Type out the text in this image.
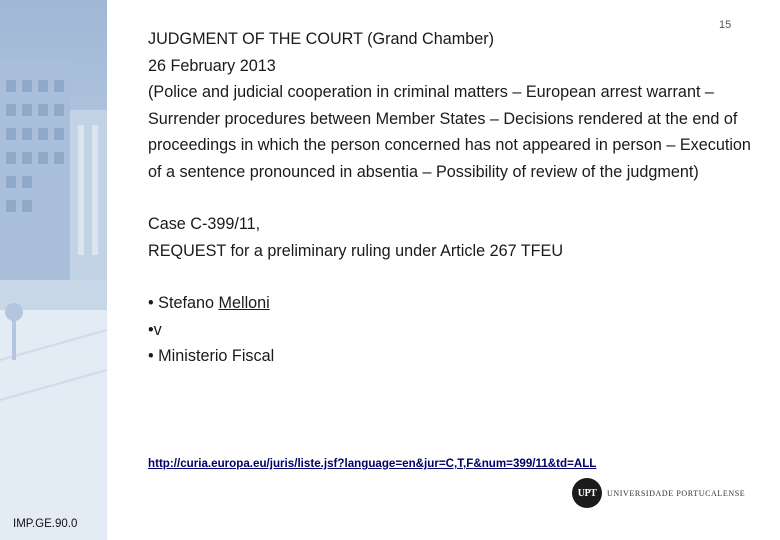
15

JUDGMENT OF THE COURT (Grand Chamber)

26 February 2013

(Police and judicial cooperation in criminal matters – European arrest warrant – Surrender procedures between Member States – Decisions rendered at the end of proceedings in which the person concerned has not appeared in person – Execution of a sentence pronounced in absentia – Possibility of review of the judgment)

Case C‑399/11,

REQUEST for a preliminary ruling under Article 267 TFEU

• Stefano Melloni

•v

• Ministerio Fiscal

http://curia.europa.eu/juris/liste.jsf?language=en&jur=C,T,F&num=399/11&td=ALL
UPT	UNIVERSIDADE PORTUCALENSE
IMP.GE.90.0
